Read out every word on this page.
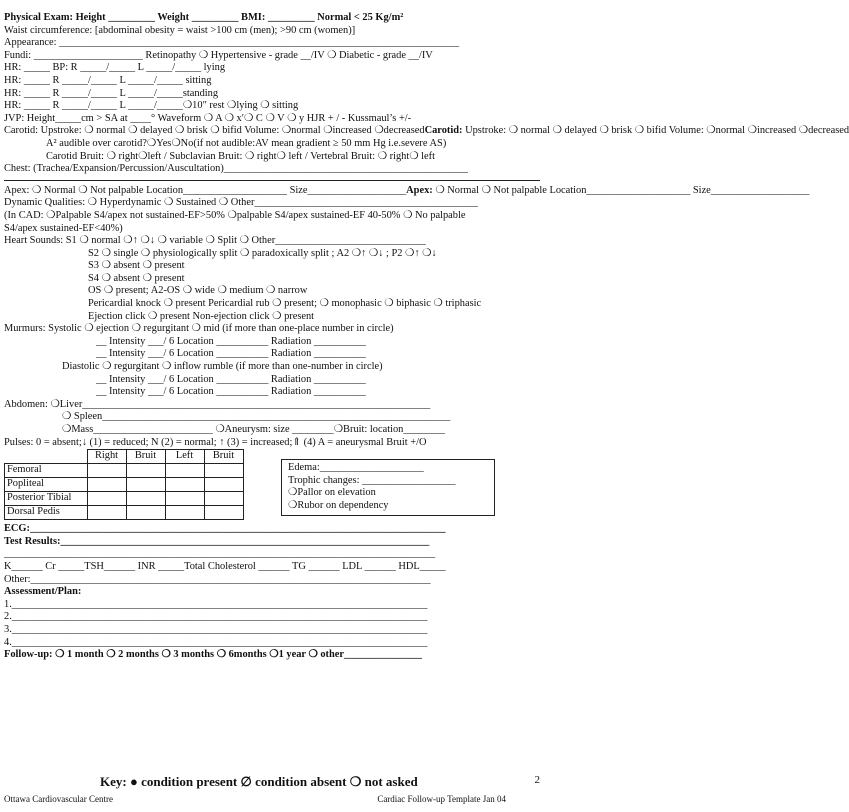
Physical Exam: Height _________ Weight _________ BMI: _________ Normal < 25 Kg/m²
Waist circumference: [abdominal obesity = waist >100 cm (men); >90 cm (women)]
Appearance: _____________________________________________________________________________
Fundi: _____________________ Retinopathy ❍ Hypertensive - grade __/IV ❍ Diabetic - grade __/IV
HR: _____ BP: R _____/_____ L _____/_____ lying
HR: _____ R _____/_____ L _____/_____ sitting
HR: _____ R _____/_____ L _____/_____standing
HR: _____ R _____/_____ L _____/_____❍10" rest ❍lying ❍ sitting
JVP: Height_____cm > SA at ____° Waveform ❍ A ❍ x′❍ C ❍ V ❍ y HJR + / - Kussmaul’s +/-
Carotid: Upstroke: ❍ normal ❍ delayed ❍ brisk ❍ bifid Volume: ❍normal ❍increased ❍decreasedCarotid: Upstroke: ❍ normal ❍ delayed ❍ brisk ❍ bifid Volume: ❍normal ❍increased ❍decreased
A² audible over carotid?❍Yes❍No(if not audible:AV mean gradient ≥ 50 mm Hg i.e.severe AS)
Carotid Bruit: ❍ right❍left / Subclavian Bruit: ❍ right❍ left / Vertebral Bruit: ❍ right❍ left
Chest: (Trachea/Expansion/Percussion/Auscultation)_______________________________________________
Apex: ❍ Normal ❍ Not palpable Location____________________ Size___________________Apex: ❍ Normal ❍ Not palpable Location____________________ Size___________________
Dynamic Qualities: ❍ Hyperdynamic ❍ Sustained ❍ Other___________________________________________
(In CAD: ❍Palpable S4/apex not sustained-EF>50% ❍palpable S4/apex sustained-EF 40-50% ❍ No palpable
S4/apex sustained-EF<40%)
Heart Sounds: S1 ❍ normal ❍↑ ❍↓ ❍ variable ❍ Split ❍ Other_____________________________
S2 ❍ single ❍ physiologically split ❍ paradoxically split ; A2 ❍↑ ❍↓ ; P2 ❍↑ ❍↓
S3 ❍ absent ❍ present
S4 ❍ absent ❍ present
OS ❍ present; A2-OS ❍ wide ❍ medium ❍ narrow
Pericardial knock ❍ present Pericardial rub ❍ present; ❍ monophasic ❍ biphasic ❍ triphasic
Ejection click ❍ present Non-ejection click ❍ present
Murmurs: Systolic ❍ ejection ❍ regurgitant ❍ mid (if more than one-place number in circle)
__ Intensity ___/ 6 Location __________ Radiation __________
__ Intensity ___/ 6 Location __________ Radiation __________
Diastolic ❍ regurgitant ❍ inflow rumble (if more than one-number in circle)
__ Intensity ___/ 6 Location __________ Radiation __________
__ Intensity ___/ 6 Location __________ Radiation __________
Abdomen: ❍Liver___________________________________________________________________
❍ Spleen___________________________________________________________________
❍Mass_______________________ ❍Aneurysm: size ________❍Bruit: location________
Pulses: 0 = absent;↓ (1) = reduced; N (2) = normal; ↑ (3) = increased;⇑ (4) A = aneurysmal Bruit +/O
	Right	Bruit	Left	Bruit
Femoral				
Popliteal				
Posterior Tibial				
Dorsal Pedis				
Edema:____________________
Trophic changes: __________________
❍Pallor on elevation
❍Rubor on dependency
ECG:________________________________________________________________________________
Test Results:_______________________________________________________________________
___________________________________________________________________________________
K______ Cr _____TSH______ INR _____Total Cholesterol ______ TG ______ LDL ______ HDL_____
Other:_____________________________________________________________________________
Assessment/Plan:
1.________________________________________________________________________________
2.________________________________________________________________________________
3.________________________________________________________________________________
4.________________________________________________________________________________
Follow-up: ❍ 1 month ❍ 2 months ❍ 3 months ❍ 6months ❍1 year ❍ other_______________
Key: ● condition present ∅ condition absent ❍ not asked	2
Ottawa Cardiovascular Centre	Cardiac Follow-up Template Jan 04
